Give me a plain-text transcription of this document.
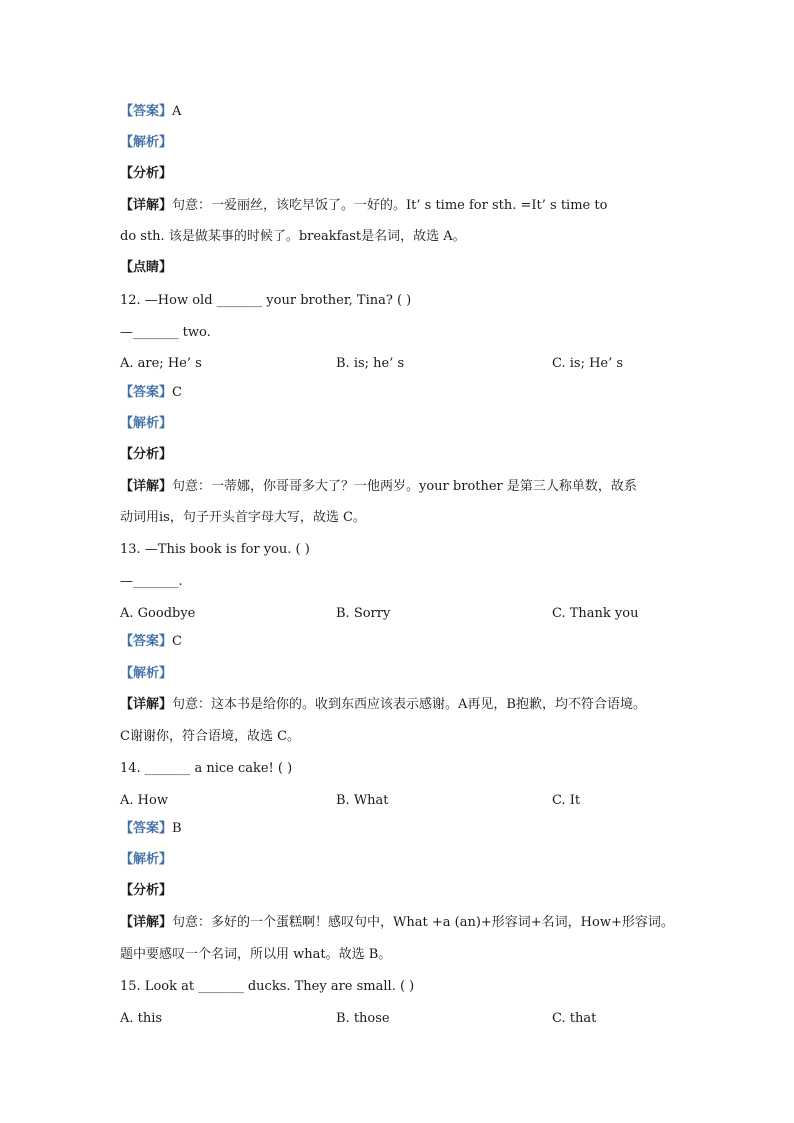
【答案】A
【解析】
【分析】
【详解】句意：一爱丽丝，该吃早饭了。一好的。It’ s time for sth. =It’ s time to
do sth. 该是做某事的时候了。breakfast是名词，故选 A。
【点睛】
12. —How old _______ your brother, Tina? ( )
—_______ two.
A. are; He’ s	B. is; he’ s	C. is; He’ s
【答案】C
【解析】
【分析】
【详解】句意：一蒂娜，你哥哥多大了？一他两岁。your brother 是第三人称单数，故系
动词用is，句子开头首字母大写，故选 C。
13. —This book is for you. ( )
—_______.
A. Goodbye	B. Sorry	C. Thank you
【答案】C
【解析】
【详解】句意：这本书是给你的。收到东西应该表示感谢。A再见，B抱歉，均不符合语境。
C谢谢你，符合语境，故选 C。
14. _______ a nice cake! ( )
A. How	B. What	C. It
【答案】B
【解析】
【分析】
【详解】句意：多好的一个蛋糕啊！感叹句中，What +a (an)+形容词+名词，How+形容词。
题中要感叹一个名词，所以用 what。故选 B。
15. Look at _______ ducks. They are small. ( )
A. this	B. those	C. that
